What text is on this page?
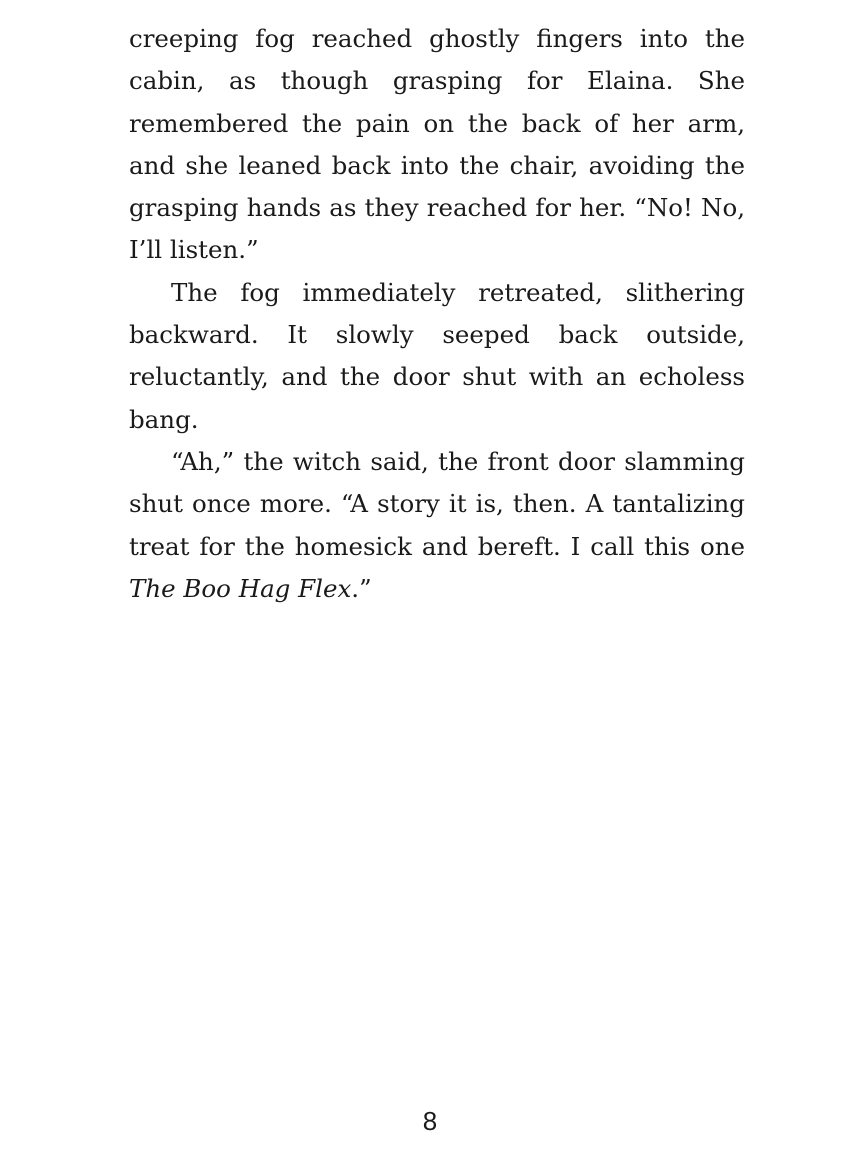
creeping fog reached ghostly fingers into the cabin, as though grasping for Elaina. She remembered the pain on the back of her arm, and she leaned back into the chair, avoiding the grasping hands as they reached for her. “No! No, I’ll listen.”

The fog immediately retreated, slithering backward. It slowly seeped back outside, reluctantly, and the door shut with an echoless bang.

“Ah,” the witch said, the front door slamming shut once more. “A story it is, then. A tantalizing treat for the homesick and bereft. I call this one The Boo Hag Flex.”

8
